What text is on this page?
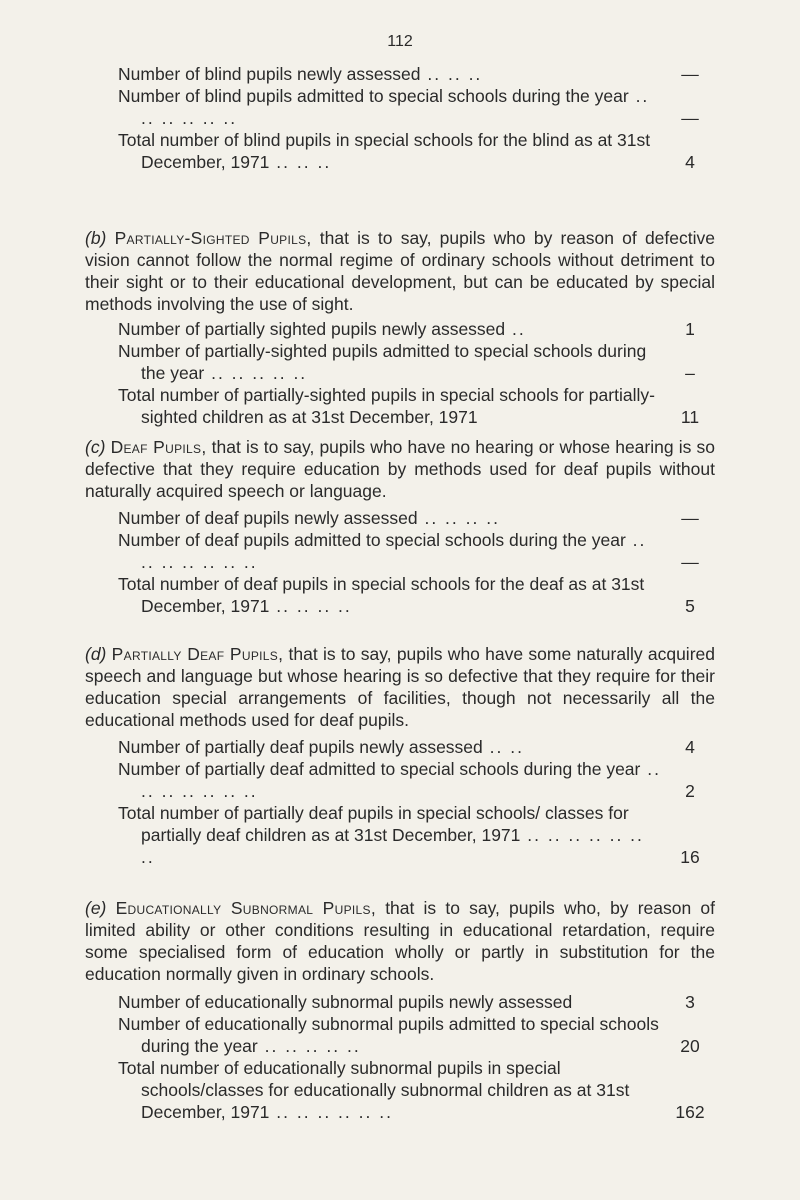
112
Number of blind pupils newly assessed .. .. ..	—
Number of blind pupils admitted to special schools during the year .. .. .. .. .. ..	—
Total number of blind pupils in special schools for the blind as at 31st December, 1971 .. .. ..	4
(b) Partially-Sighted Pupils, that is to say, pupils who by reason of defective vision cannot follow the normal regime of ordinary schools without detriment to their sight or to their educational development, but can be educated by special methods involving the use of sight.
Number of partially sighted pupils newly assessed ..	1
Number of partially-sighted pupils admitted to special schools during the year .. .. .. .. ..	–
Total number of partially-sighted pupils in special schools for partially-sighted children as at 31st December, 1971	11
(c) Deaf Pupils, that is to say, pupils who have no hearing or whose hearing is so defective that they require education by methods used for deaf pupils without naturally acquired speech or language.
Number of deaf pupils newly assessed .. .. .. ..	—
Number of deaf pupils admitted to special schools during the year .. .. .. .. .. .. ..	—
Total number of deaf pupils in special schools for the deaf as at 31st December, 1971 .. .. .. ..	5
(d) Partially Deaf Pupils, that is to say, pupils who have some naturally acquired speech and language but whose hearing is so defective that they require for their education special arrangements of facilities, though not necessarily all the educational methods used for deaf pupils.
Number of partially deaf pupils newly assessed .. ..	4
Number of partially deaf admitted to special schools during the year .. .. .. .. .. .. ..	2
Total number of partially deaf pupils in special schools/ classes for partially deaf children as at 31st December, 1971 .. .. .. .. .. .. ..	16
(e) Educationally Subnormal Pupils, that is to say, pupils who, by reason of limited ability or other conditions resulting in educational retardation, require some specialised form of education wholly or partly in substitution for the education normally given in ordinary schools.
Number of educationally subnormal pupils newly assessed	3
Number of educationally subnormal pupils admitted to special schools during the year .. .. .. .. ..	20
Total number of educationally subnormal pupils in special schools/classes for educationally subnormal children as at 31st December, 1971 .. .. .. .. .. ..	162
